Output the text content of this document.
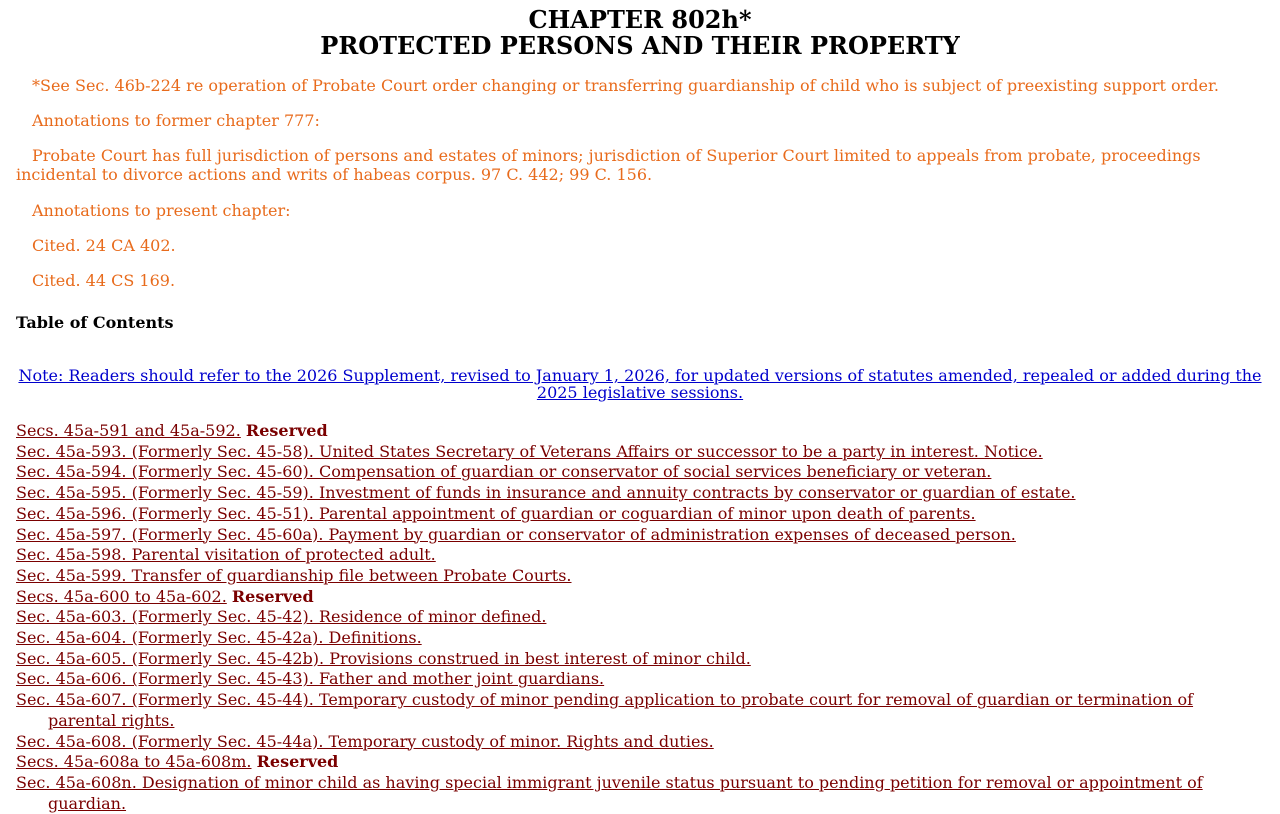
CHAPTER 802h*
PROTECTED PERSONS AND THEIR PROPERTY

*See Sec. 46b-224 re operation of Probate Court order changing or transferring guardianship of child who is subject of preexisting support order.

Annotations to former chapter 777:

Probate Court has full jurisdiction of persons and estates of minors; jurisdiction of Superior Court limited to appeals from probate, proceedings incidental to divorce actions and writs of habeas corpus. 97 C. 442; 99 C. 156.

Annotations to present chapter:

Cited. 24 CA 402.

Cited. 44 CS 169.

Table of Contents
Note: Readers should refer to the 2026 Supplement, revised to January 1, 2026, for updated versions of statutes amended, repealed or added during the 2025 legislative sessions.
Secs. 45a-591 and 45a-592. Reserved
Sec. 45a-593. (Formerly Sec. 45-58). United States Secretary of Veterans Affairs or successor to be a party in interest. Notice.
Sec. 45a-594. (Formerly Sec. 45-60). Compensation of guardian or conservator of social services beneficiary or veteran.
Sec. 45a-595. (Formerly Sec. 45-59). Investment of funds in insurance and annuity contracts by conservator or guardian of estate.
Sec. 45a-596. (Formerly Sec. 45-51). Parental appointment of guardian or coguardian of minor upon death of parents.
Sec. 45a-597. (Formerly Sec. 45-60a). Payment by guardian or conservator of administration expenses of deceased person.
Sec. 45a-598. Parental visitation of protected adult.
Sec. 45a-599. Transfer of guardianship file between Probate Courts.
Secs. 45a-600 to 45a-602. Reserved
Sec. 45a-603. (Formerly Sec. 45-42). Residence of minor defined.
Sec. 45a-604. (Formerly Sec. 45-42a). Definitions.
Sec. 45a-605. (Formerly Sec. 45-42b). Provisions construed in best interest of minor child.
Sec. 45a-606. (Formerly Sec. 45-43). Father and mother joint guardians.
Sec. 45a-607. (Formerly Sec. 45-44). Temporary custody of minor pending application to probate court for removal of guardian or termination of parental rights.
Sec. 45a-608. (Formerly Sec. 45-44a). Temporary custody of minor. Rights and duties.
Secs. 45a-608a to 45a-608m. Reserved
Sec. 45a-608n. Designation of minor child as having special immigrant juvenile status pursuant to pending petition for removal or appointment of guardian.
